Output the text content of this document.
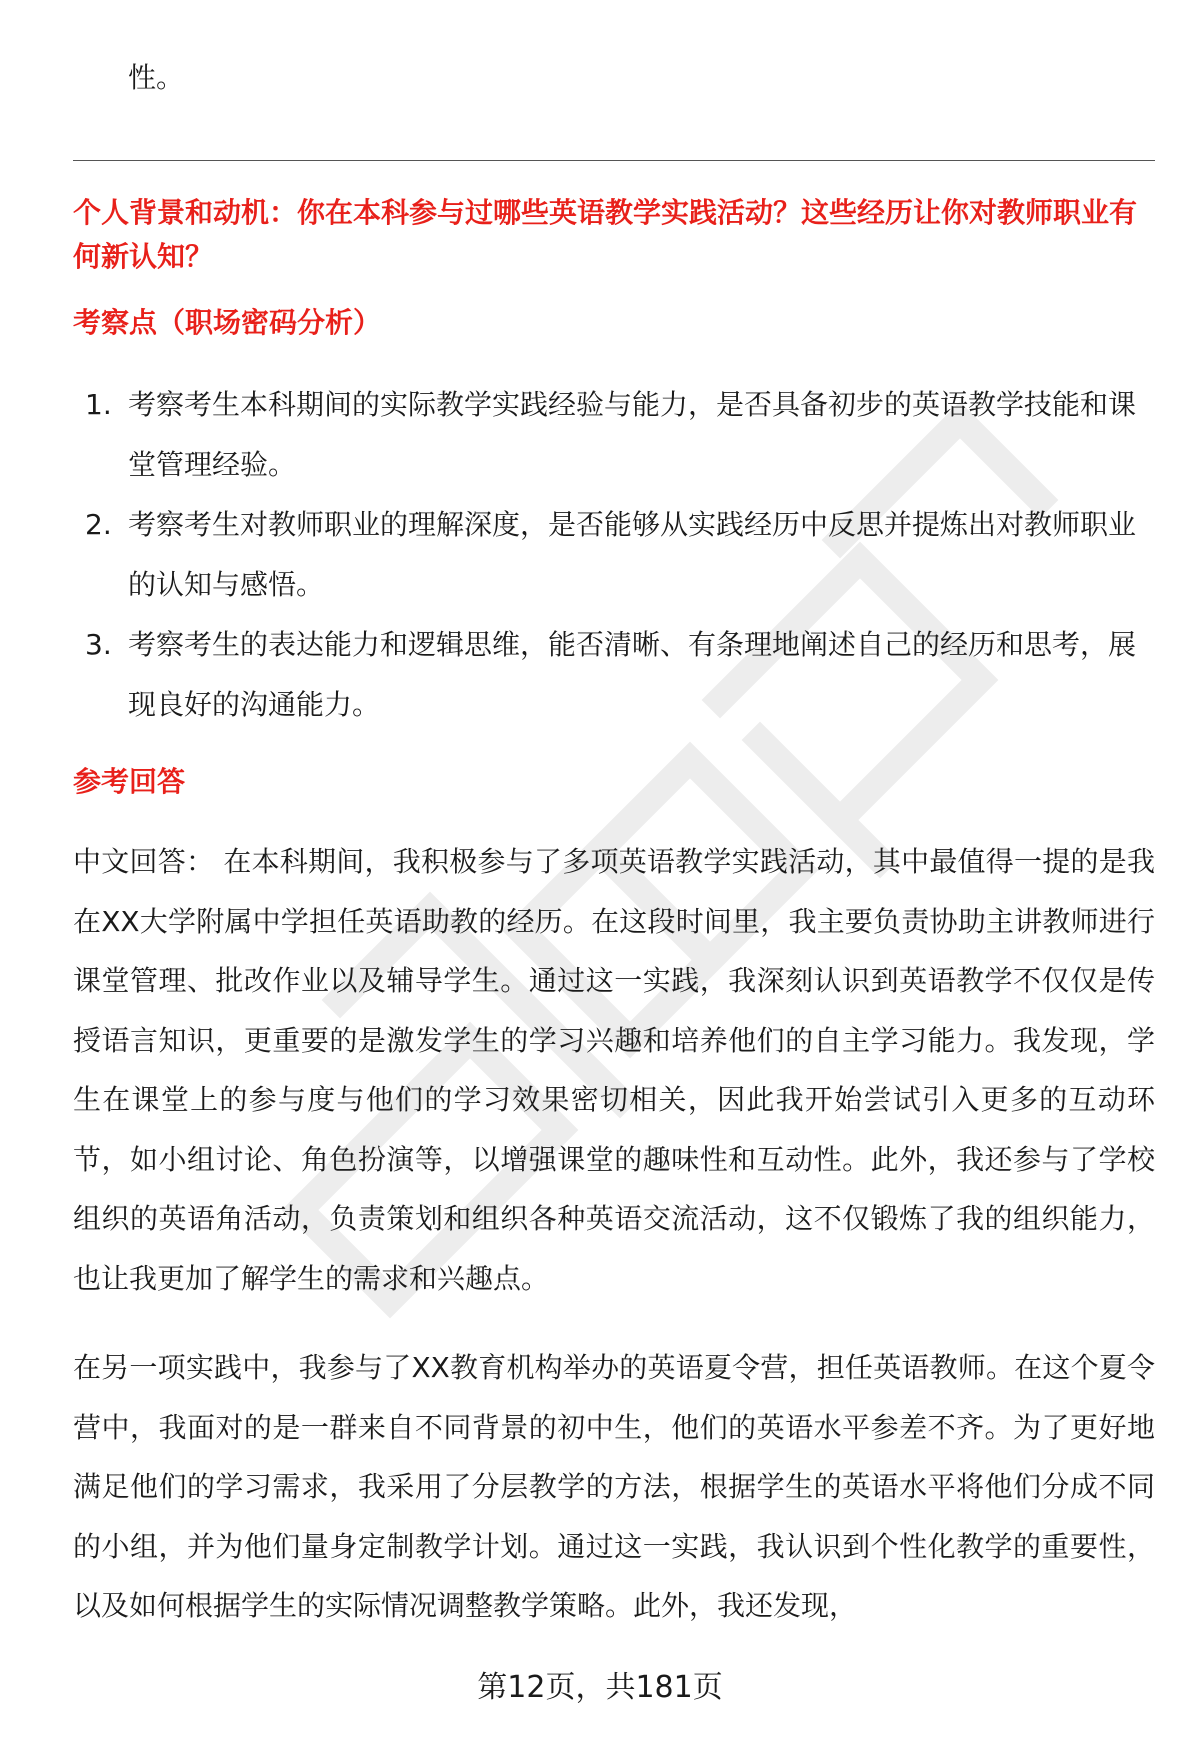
性。

个人背景和动机：你在本科参与过哪些英语教学实践活动？这些经历让你对教师职业有何新认知？

考察点（职场密码分析）

1. 考察考生本科期间的实际教学实践经验与能力，是否具备初步的英语教学技能和课堂管理经验。
2. 考察考生对教师职业的理解深度，是否能够从实践经历中反思并提炼出对教师职业的认知与感悟。
3. 考察考生的表达能力和逻辑思维，能否清晰、有条理地阐述自己的经历和思考，展现良好的沟通能力。

参考回答

中文回答： 在本科期间，我积极参与了多项英语教学实践活动，其中最值得一提的是我在XX大学附属中学担任英语助教的经历。在这段时间里，我主要负责协助主讲教师进行课堂管理、批改作业以及辅导学生。通过这一实践，我深刻认识到英语教学不仅仅是传授语言知识，更重要的是激发学生的学习兴趣和培养他们的自主学习能力。我发现，学生在课堂上的参与度与他们的学习效果密切相关，因此我开始尝试引入更多的互动环节，如小组讨论、角色扮演等，以增强课堂的趣味性和互动性。此外，我还参与了学校组织的英语角活动，负责策划和组织各种英语交流活动，这不仅锻炼了我的组织能力，也让我更加了解学生的需求和兴趣点。

在另一项实践中，我参与了XX教育机构举办的英语夏令营，担任英语教师。在这个夏令营中，我面对的是一群来自不同背景的初中生，他们的英语水平参差不齐。为了更好地满足他们的学习需求，我采用了分层教学的方法，根据学生的英语水平将他们分成不同的小组，并为他们量身定制教学计划。通过这一实践，我认识到个性化教学的重要性，以及如何根据学生的实际情况调整教学策略。此外，我还发现，

第12页，共181页
